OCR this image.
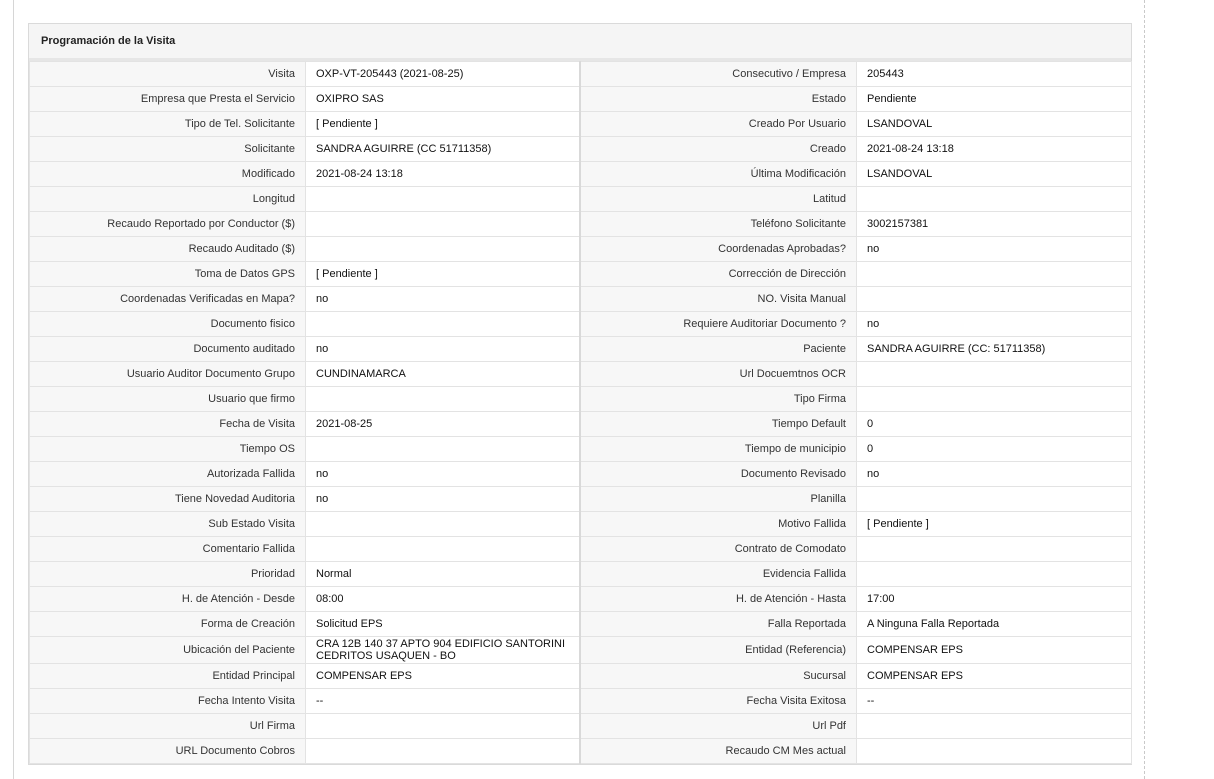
Programación de la Visita
Visita	OXP-VT-205443 (2021-08-25)	Consecutivo / Empresa	205443
Empresa que Presta el Servicio	OXIPRO SAS	Estado	Pendiente
Tipo de Tel. Solicitante	[ Pendiente ]	Creado Por Usuario	LSANDOVAL
Solicitante	SANDRA AGUIRRE (CC 51711358)	Creado	2021-08-24 13:18
Modificado	2021-08-24 13:18	Última Modificación	LSANDOVAL
Longitud		Latitud	
Recaudo Reportado por Conductor ($)		Teléfono Solicitante	3002157381
Recaudo Auditado ($)		Coordenadas Aprobadas?	no
Toma de Datos GPS	[ Pendiente ]	Corrección de Dirección	
Coordenadas Verificadas en Mapa?	no	NO. Visita Manual	
Documento fisico		Requiere Auditoriar Documento ?	no
Documento auditado	no	Paciente	SANDRA AGUIRRE (CC: 51711358)
Usuario Auditor Documento Grupo	CUNDINAMARCA	Url Docuemtnos OCR	
Usuario que firmo		Tipo Firma	
Fecha de Visita	2021-08-25	Tiempo Default	0
Tiempo OS		Tiempo de municipio	0
Autorizada Fallida	no	Documento Revisado	no
Tiene Novedad Auditoria	no	Planilla	
Sub Estado Visita		Motivo Fallida	[ Pendiente ]
Comentario Fallida		Contrato de Comodato	
Prioridad	Normal	Evidencia Fallida	
H. de Atención - Desde	08:00	H. de Atención - Hasta	17:00
Forma de Creación	Solicitud EPS	Falla Reportada	A Ninguna Falla Reportada
Ubicación del Paciente	CRA 12B 140 37 APTO 904 EDIFICIO SANTORINI CEDRITOS USAQUEN - BO	Entidad (Referencia)	COMPENSAR EPS
Entidad Principal	COMPENSAR EPS	Sucursal	COMPENSAR EPS
Fecha Intento Visita	--	Fecha Visita Exitosa	--
Url Firma		Url Pdf	
URL Documento Cobros		Recaudo CM Mes actual	
